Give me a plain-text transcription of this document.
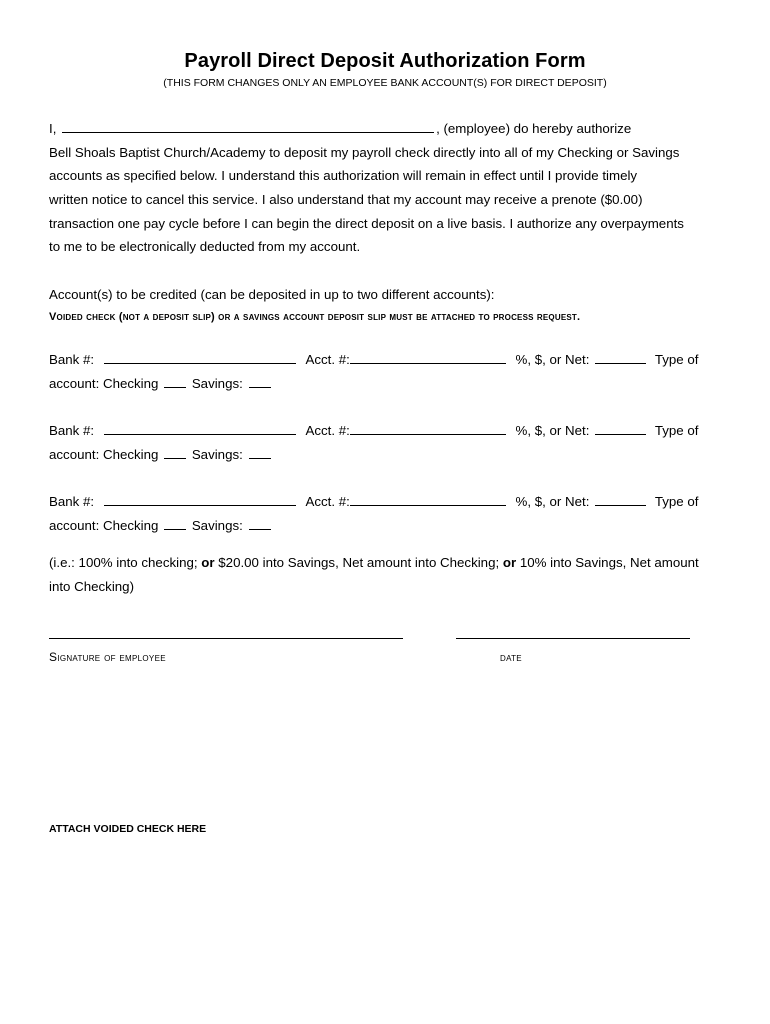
Payroll Direct Deposit Authorization Form
(THIS FORM CHANGES ONLY AN EMPLOYEE BANK ACCOUNT(S) FOR DIRECT DEPOSIT)
I,	, (employee) do hereby authorize
Bell Shoals Baptist Church/Academy to deposit my payroll check directly into all of my Checking or Savings
accounts as specified below. I understand this authorization will remain in effect until I provide timely
written notice to cancel this service. I also understand that my account may receive a prenote ($0.00)
transaction one pay cycle before I can begin the direct deposit on a live basis. I authorize any overpayments
to me to be electronically deducted from my account.
Account(s) to be credited (can be deposited in up to two different accounts):
Voided check (not a deposit slip) or a savings account deposit slip must be attached to process request.
Bank #:	Acct. #:	%, $, or Net:	Type of
account: Checking	Savings:
Bank #:	Acct. #:	%, $, or Net:	Type of
account: Checking	Savings:
Bank #:	Acct. #:	%, $, or Net:	Type of
account: Checking	Savings:
(i.e.: 100% into checking; or $20.00 into Savings, Net amount into Checking; or 10% into Savings, Net amount
into Checking)
Signature of employee	date
ATTACH VOIDED CHECK HERE
